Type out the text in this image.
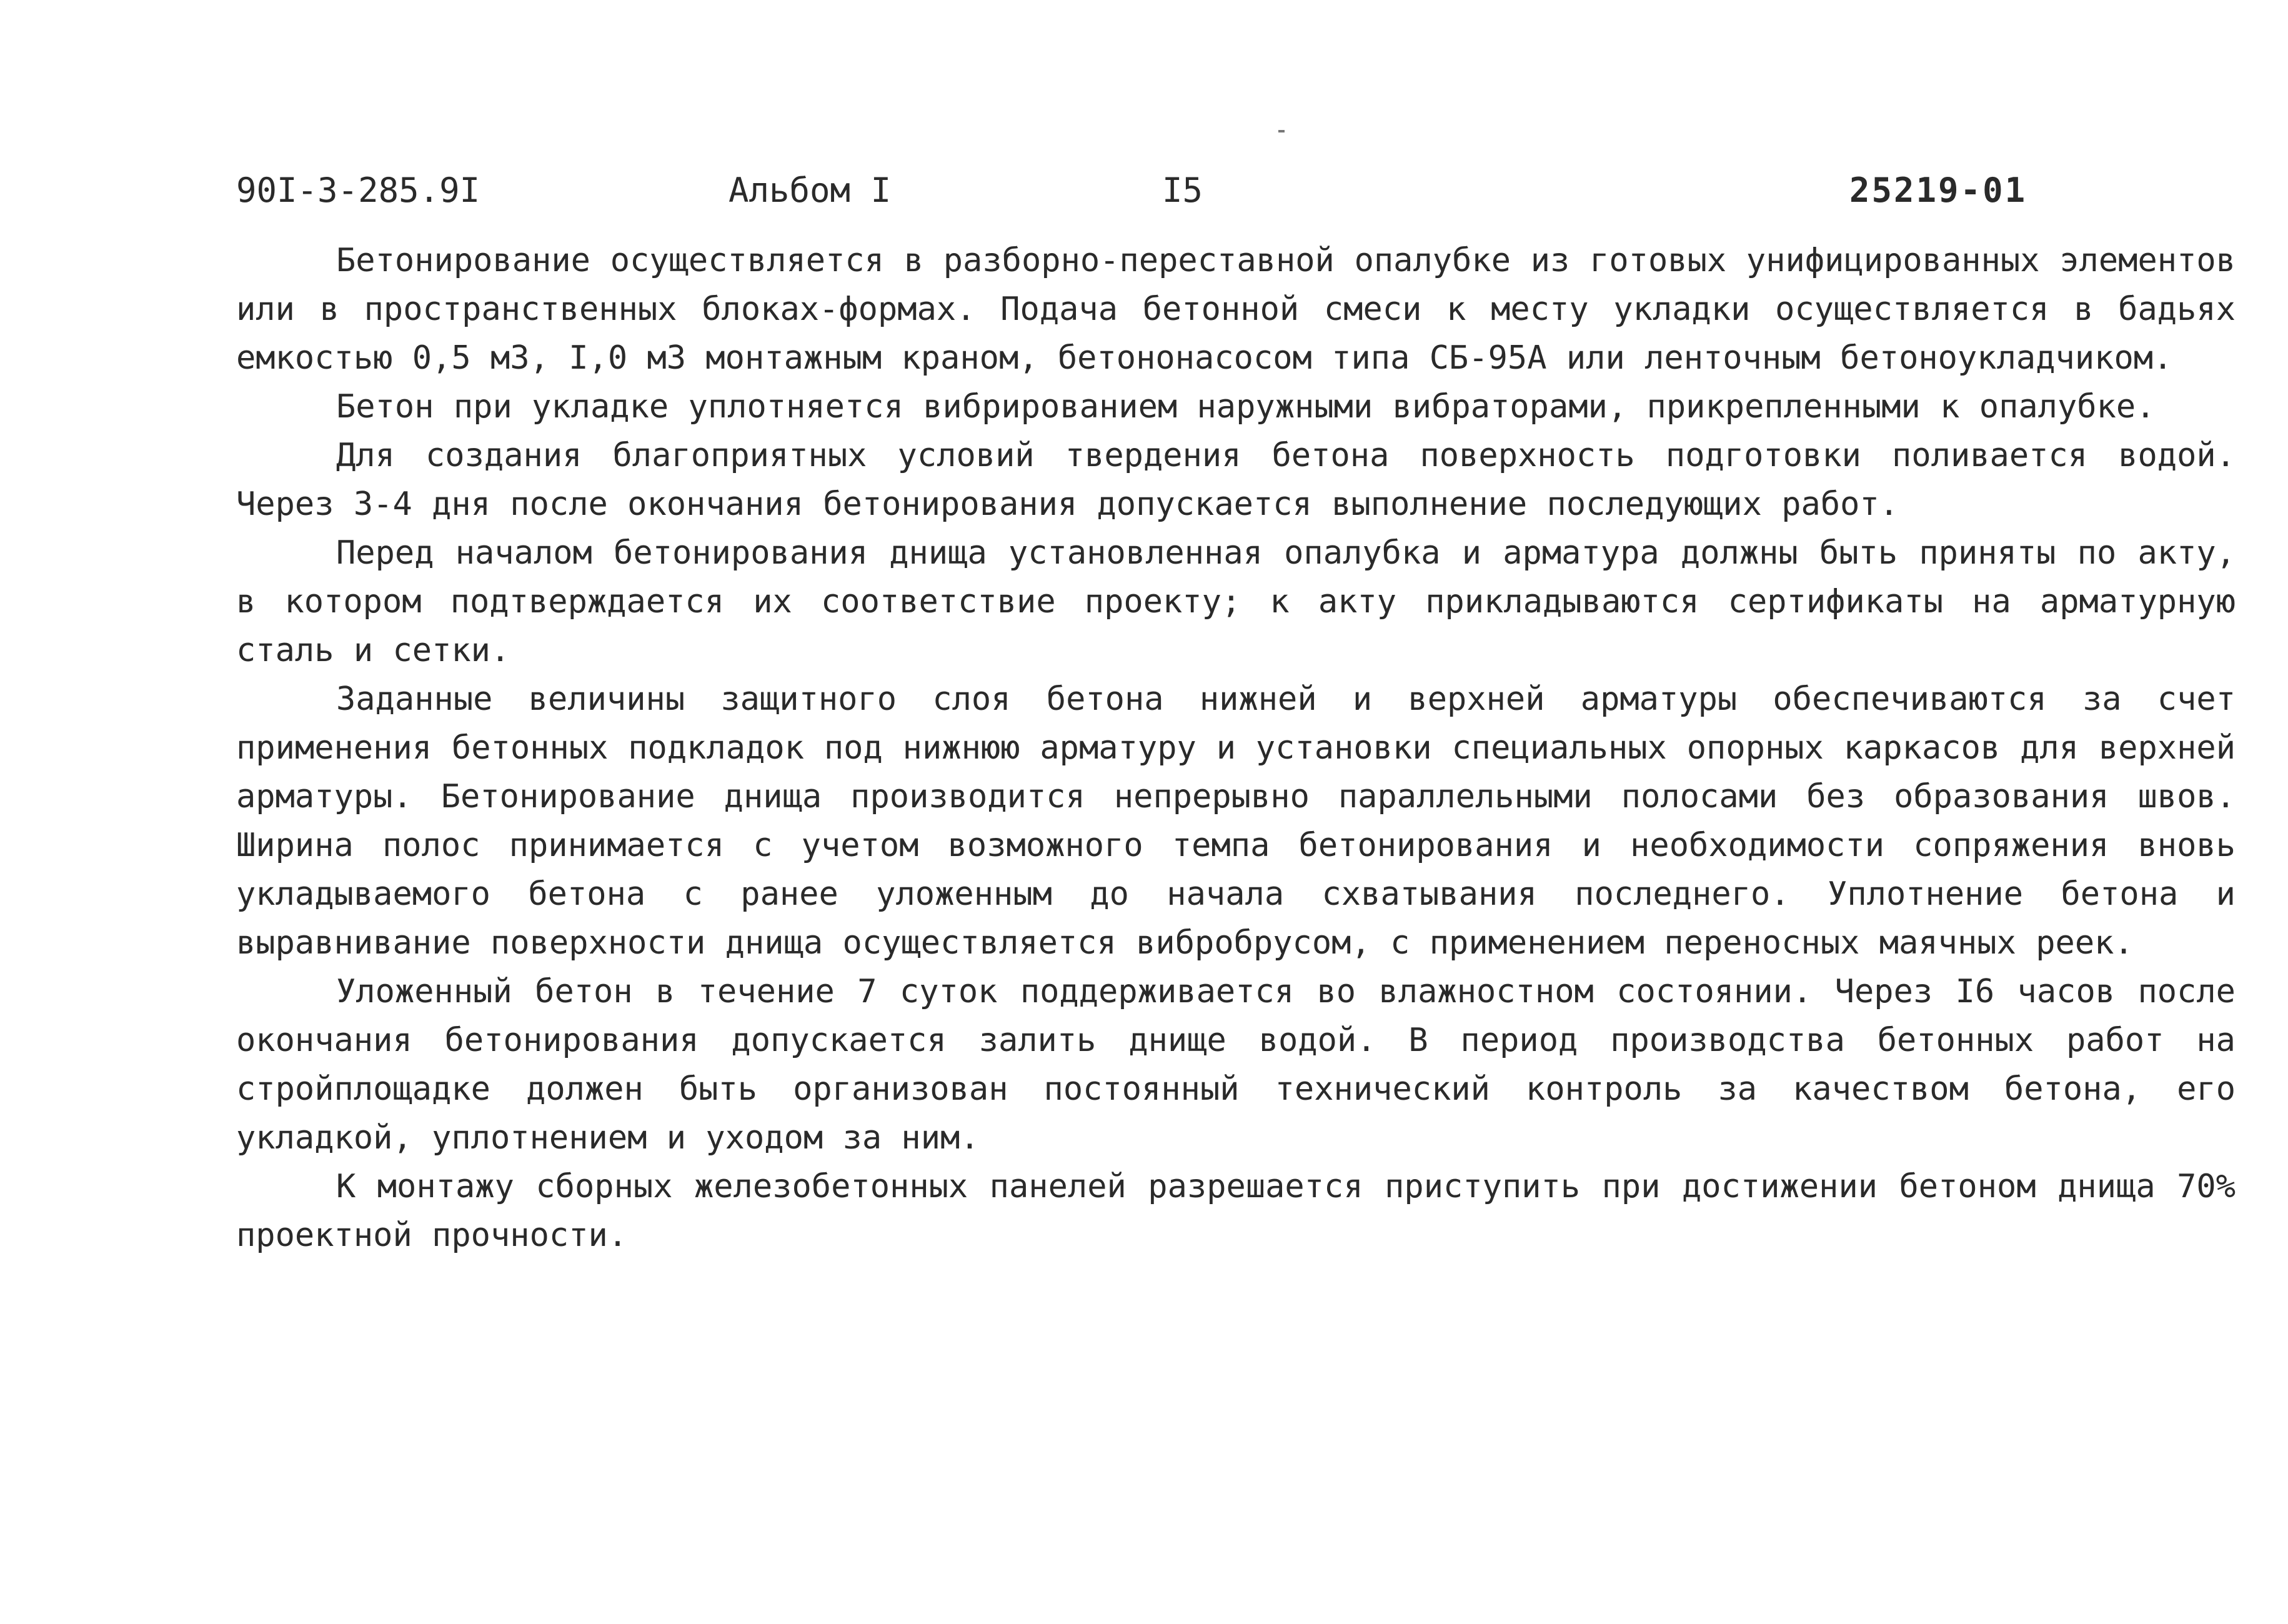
90I-3-285.9I	Альбом I	I5	25219-01

Бетонирование осуществляется в разборно-переставной опалубке из готовых унифицированных элементов или в пространственных блоках-формах. Подача бетонной смеси к месту укладки осуществляется в бадьях емкостью 0,5 м3, I,0 м3 монтажным краном, бетононасосом типа СБ-95А или ленточным бетоноукладчиком.

Бетон при укладке уплотняется вибрированием наружными вибраторами, прикрепленными к опалубке.

Для создания благоприятных условий твердения бетона поверхность подготовки поливается водой. Через 3-4 дня после окончания бетонирования допускается выполнение последующих работ.

Перед началом бетонирования днища установленная опалубка и арматура должны быть приняты по акту, в котором подтверждается их соответствие проекту; к акту прикладываются сертификаты на арматурную сталь и сетки.

Заданные величины защитного слоя бетона нижней и верхней арматуры обеспечиваются за счет применения бетонных подкладок под нижнюю арматуру и установки специальных опорных каркасов для верхней арматуры. Бетонирование днища производится непрерывно параллельными полосами без образования швов. Ширина полос принимается с учетом возможного темпа бетонирования и необходимости сопряжения вновь укладываемого бетона с ранее уложенным до начала схватывания последнего. Уплотнение бетона и выравнивание поверхности днища осуществляется вибробрусом, с применением переносных маячных реек.

Уложенный бетон в течение 7 суток поддерживается во влажностном состоянии. Через I6 часов после окончания бетонирования допускается залить днище водой. В период производства бетонных работ на стройплощадке должен быть организован постоянный технический контроль за качеством бетона, его укладкой, уплотнением и уходом за ним.

К монтажу сборных железобетонных панелей разрешается приступить при достижении бетоном днища 70% проектной прочности.
